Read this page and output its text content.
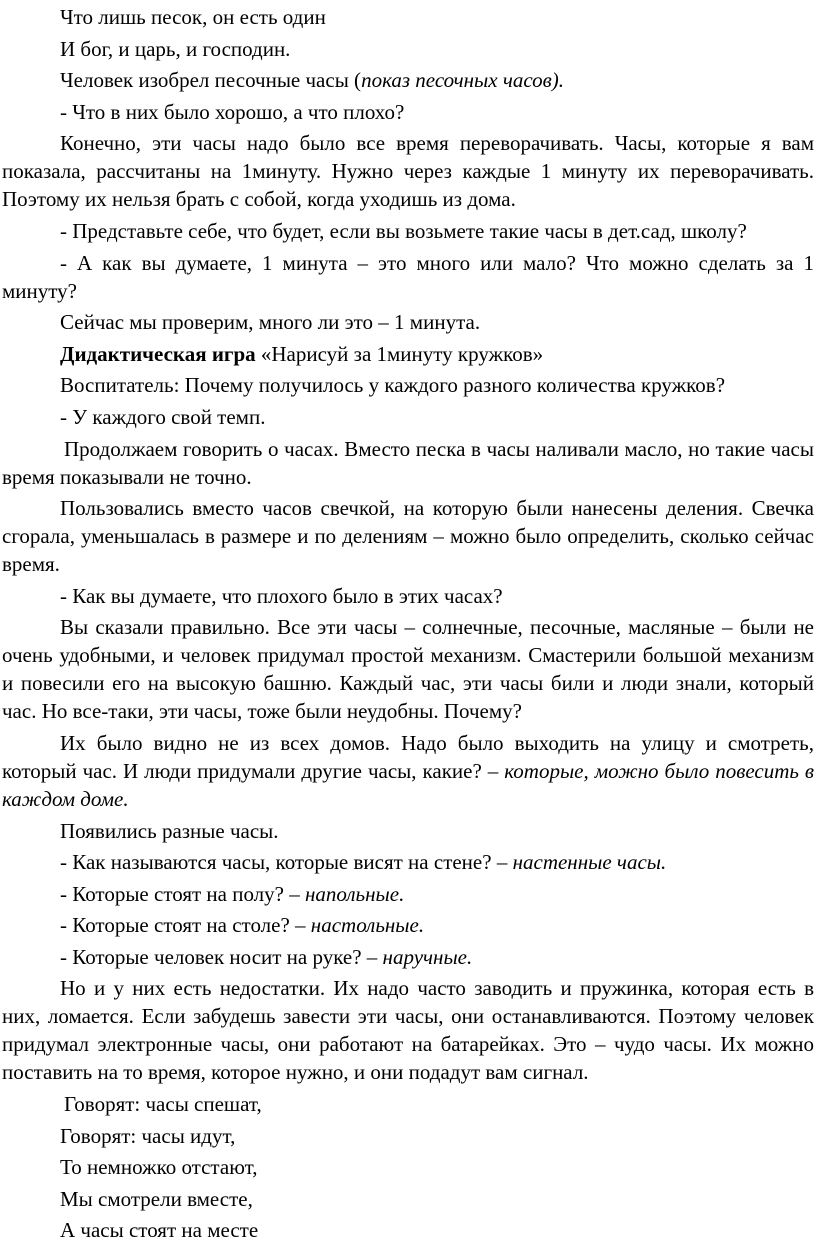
Что лишь песок, он есть один

И бог, и царь, и господин.

Человек изобрел песочные часы (показ песочных часов).

- Что в них было хорошо, а что плохо?

Конечно, эти часы надо было все время переворачивать. Часы, которые я вам показала, рассчитаны на 1минуту. Нужно через каждые 1 минуту их переворачивать. Поэтому их нельзя брать с собой, когда уходишь из дома.

- Представьте себе, что будет, если вы возьмете такие часы в дет.сад, школу?

- А как вы думаете, 1 минута – это много или мало? Что можно сделать за 1 минуту?

Сейчас мы проверим, много ли это – 1 минута.

Дидактическая игра «Нарисуй за 1минуту кружков»

Воспитатель: Почему получилось у каждого разного количества кружков?

- У каждого свой темп.

Продолжаем говорить о часах. Вместо песка в часы наливали масло, но такие часы время показывали не точно.

Пользовались вместо часов свечкой, на которую были нанесены деления. Свечка сгорала, уменьшалась в размере и по делениям – можно было определить, сколько сейчас время.

- Как вы думаете, что плохого было в этих часах?

Вы сказали правильно. Все эти часы – солнечные, песочные, масляные – были не очень удобными, и человек придумал простой механизм. Смастерили большой механизм и повесили его на высокую башню. Каждый час, эти часы били и люди знали, который час. Но все-таки, эти часы, тоже были неудобны. Почему?

Их было видно не из всех домов. Надо было выходить на улицу и смотреть, который час. И люди придумали другие часы, какие? – которые, можно было повесить в каждом доме.

Появились разные часы.

- Как называются часы, которые висят на стене? – настенные часы.

- Которые стоят на полу? – напольные.

- Которые стоят на столе? – настольные.

- Которые человек носит на руке? – наручные.

Но и у них есть недостатки. Их надо часто заводить и пружинка, которая есть в них, ломается. Если забудешь завести эти часы, они останавливаются. Поэтому человек придумал электронные часы, они работают на батарейках. Это – чудо часы. Их можно поставить на то время, которое нужно, и они подадут вам сигнал.

Говорят: часы спешат,

Говорят: часы идут,

То немножко отстают,

Мы смотрели вместе,

А часы стоят на месте
